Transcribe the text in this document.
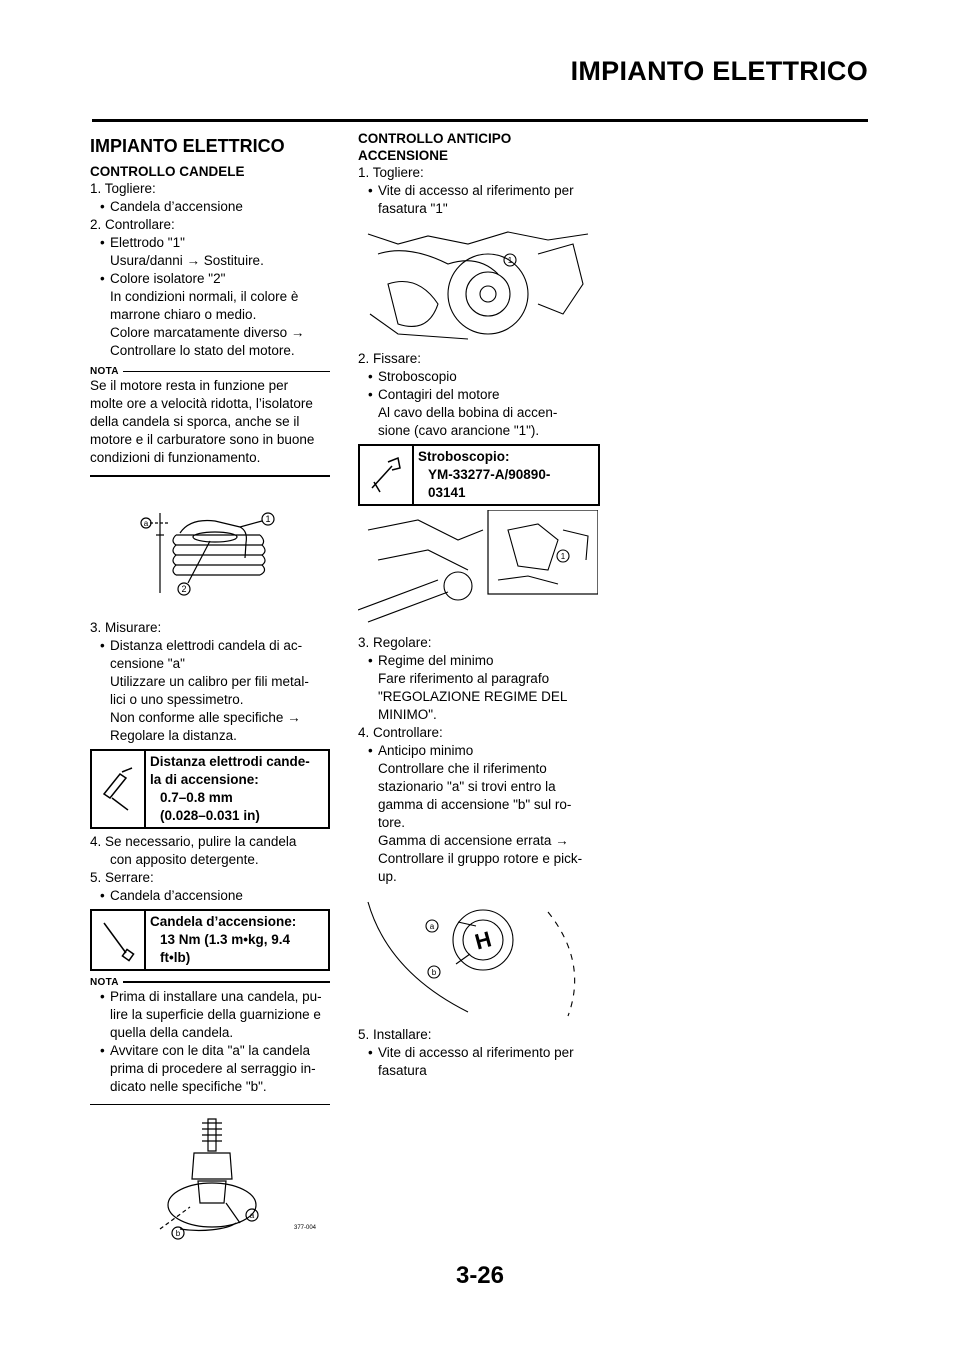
IMPIANTO ELETTRICO
IMPIANTO ELETTRICO
CONTROLLO CANDELE
1. Togliere:
• Candela d’accensione
2. Controllare:
• Elettrodo "1"
Usura/danni → Sostituire.
• Colore isolatore "2"
In condizioni normali, il colore è
marrone chiaro o medio.
Colore marcatamente diverso →
Controllare lo stato del motore.
NOTA
Se il motore resta in funzione per
molte ore a velocità ridotta, l’isolatore
della candela si sporca, anche se il
motore e il carburatore sono in buone
condizioni di funzionamento.
a	1
2
3. Misurare:
• Distanza elettrodi candela di ac-
censione "a"
Utilizzare un calibro per fili metal-
lici o uno spessimetro.
Non conforme alle specifiche →
Regolare la distanza.
Distanza elettrodi cande-
la di accensione:
0.7–0.8 mm
(0.028–0.031 in)
4. Se necessario, pulire la candela
con apposito detergente.
5. Serrare:
• Candela d’accensione
Candela d’accensione:
13 Nm (1.3 m•kg, 9.4
ft•lb)
NOTA
• Prima di installare una candela, pu-
lire la superficie della guarnizione e
quella della candela.
• Avvitare con le dita "a" la candela
prima di procedere al serraggio in-
dicato nelle specifiche "b".
a
b
377-004
CONTROLLO ANTICIPO
ACCENSIONE
1. Togliere:
• Vite di accesso al riferimento per
fasatura "1"
1
2. Fissare:
• Stroboscopio
• Contagiri del motore
Al cavo della bobina di accen-
sione (cavo arancione "1").
Stroboscopio:
YM-33277-A/90890-
03141
1
3. Regolare:
• Regime del minimo
Fare riferimento al paragrafo
"REGOLAZIONE REGIME DEL
MINIMO".
4. Controllare:
• Anticipo minimo
Controllare che il riferimento
stazionario "a" si trovi entro la
gamma di accensione "b" sul ro-
tore.
Gamma di accensione errata →
Controllare il gruppo rotore e pick-
up.
H
a
b
5. Installare:
• Vite di accesso al riferimento per
fasatura
3-26
